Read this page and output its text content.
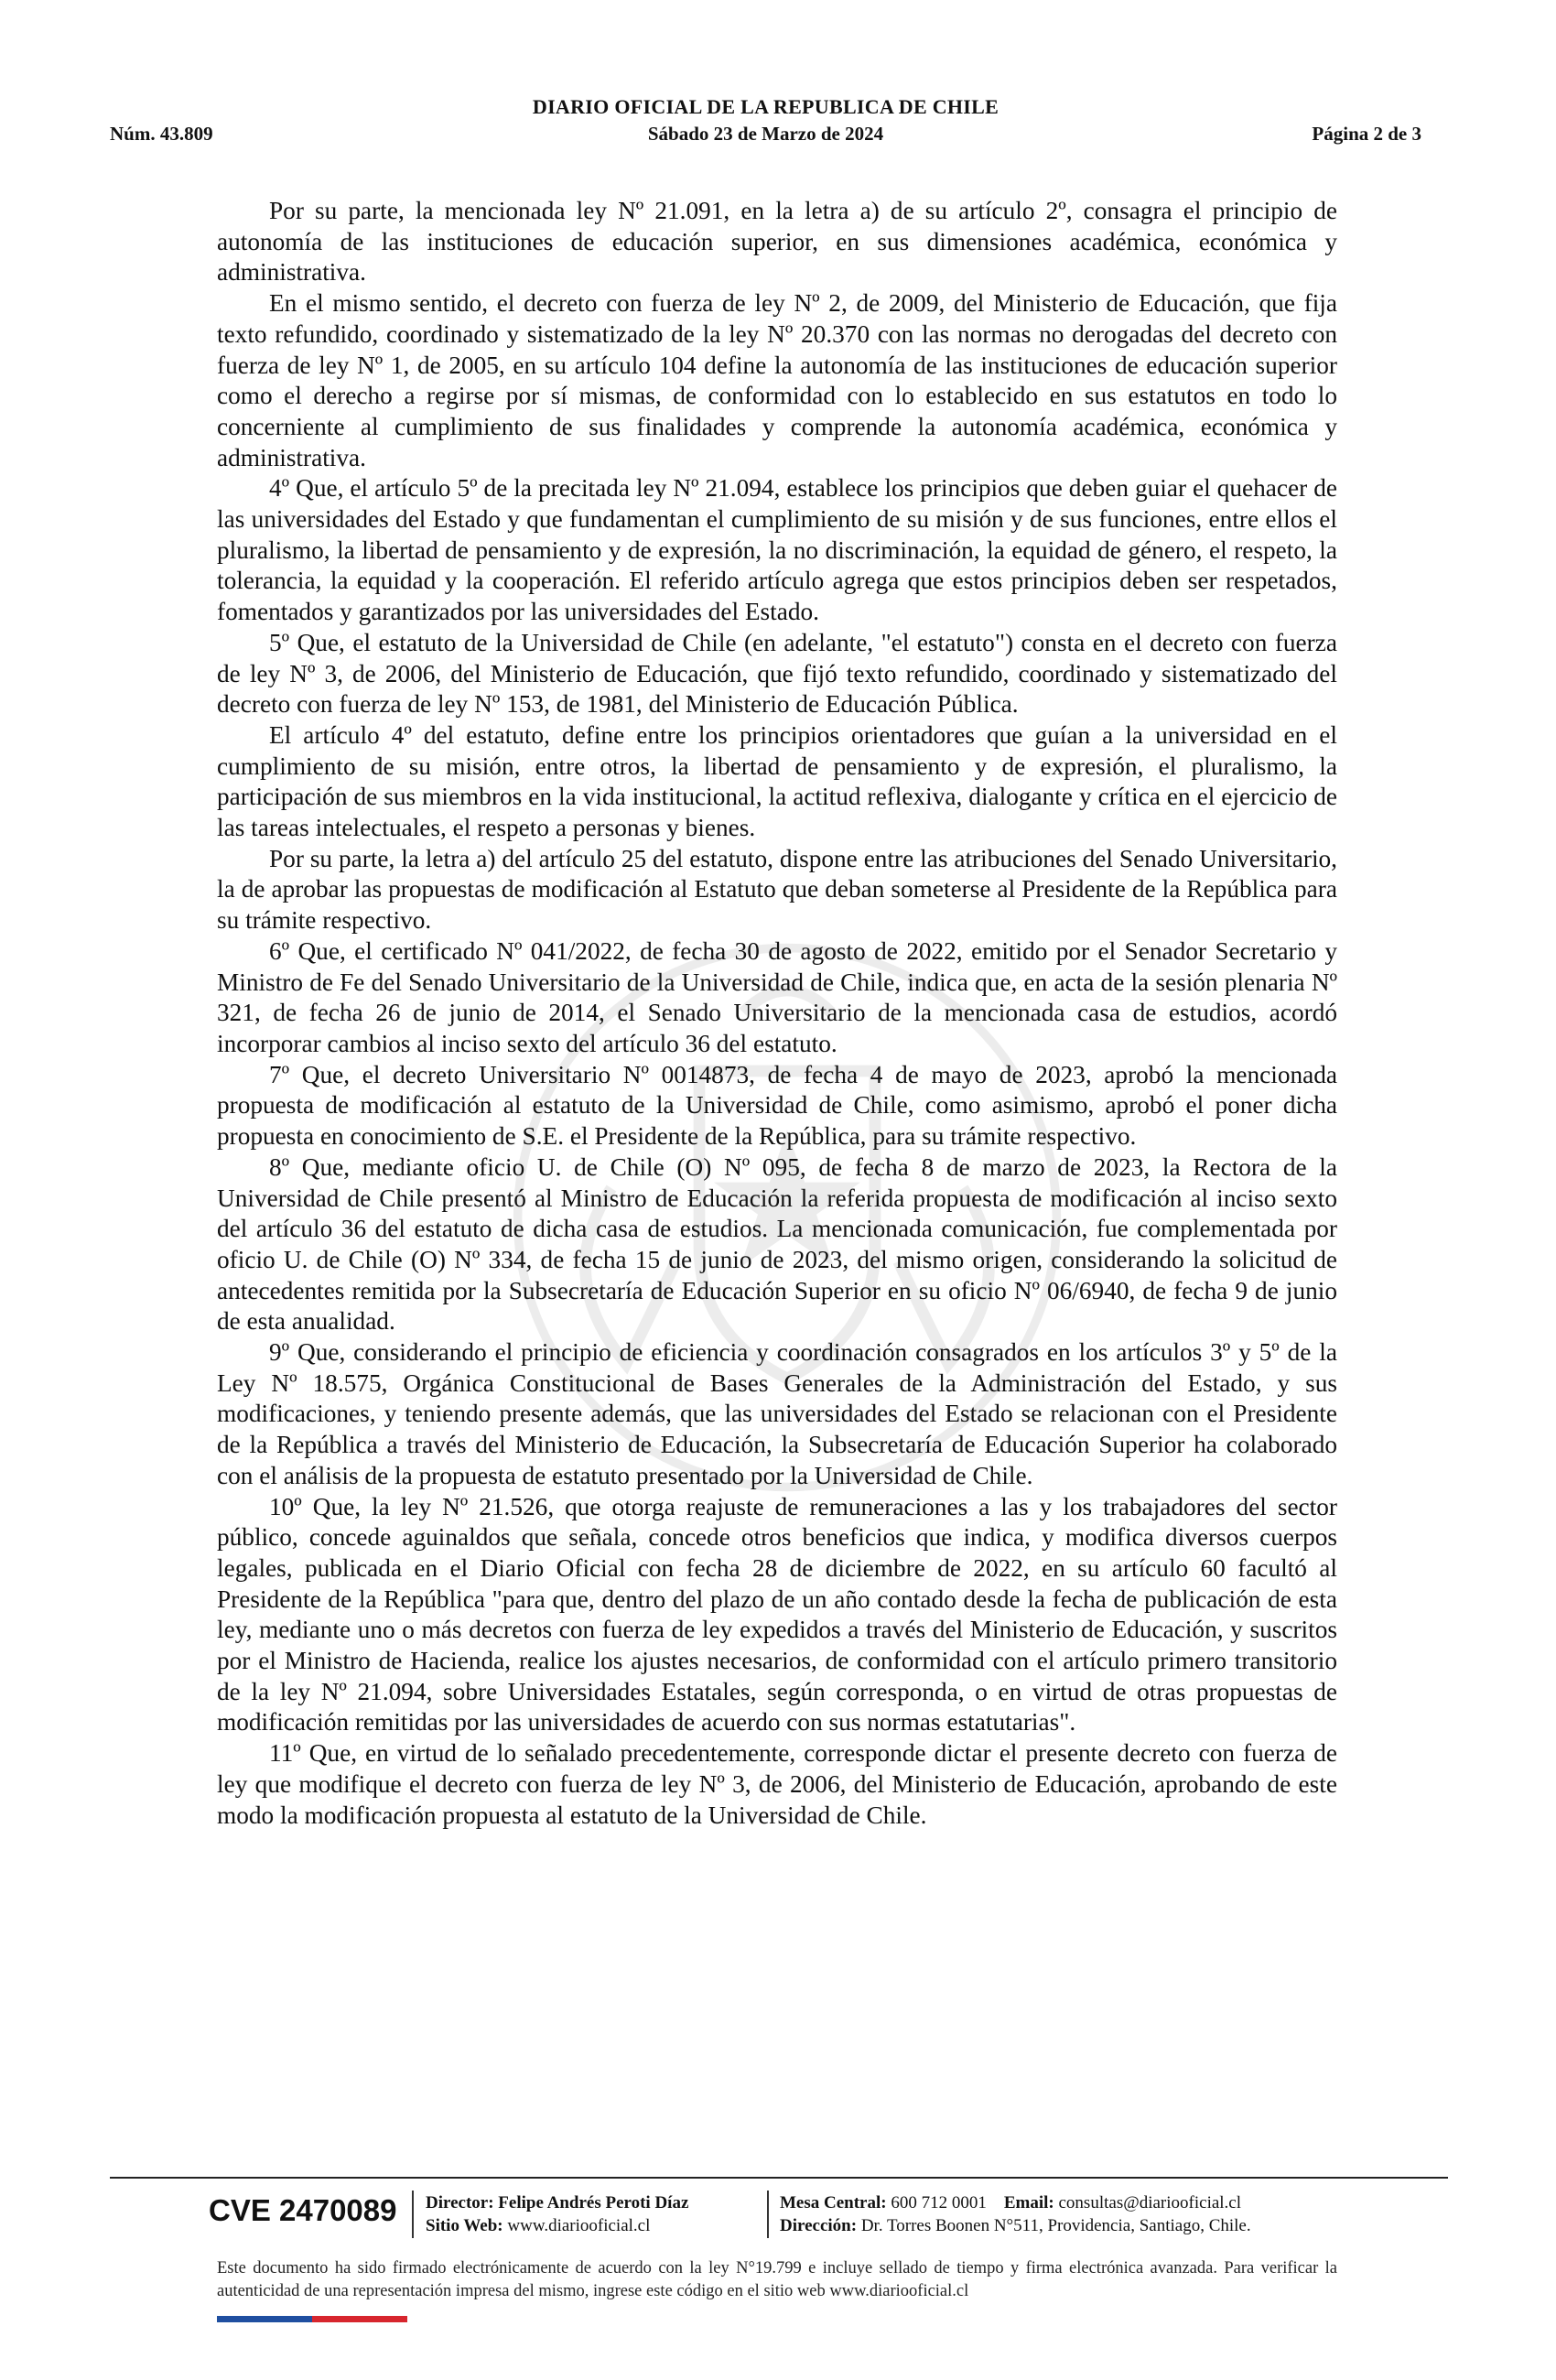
Núm. 43.809
DIARIO OFICIAL DE LA REPUBLICA DE CHILE
Sábado 23 de Marzo de 2024	Página 2 de 3

Por su parte, la mencionada ley Nº 21.091, en la letra a) de su artículo 2º, consagra el principio de autonomía de las instituciones de educación superior, en sus dimensiones académica, económica y administrativa.

En el mismo sentido, el decreto con fuerza de ley Nº 2, de 2009, del Ministerio de Educación, que fija texto refundido, coordinado y sistematizado de la ley Nº 20.370 con las normas no derogadas del decreto con fuerza de ley Nº 1, de 2005, en su artículo 104 define la autonomía de las instituciones de educación superior como el derecho a regirse por sí mismas, de conformidad con lo establecido en sus estatutos en todo lo concerniente al cumplimiento de sus finalidades y comprende la autonomía académica, económica y administrativa.

4º Que, el artículo 5º de la precitada ley Nº 21.094, establece los principios que deben guiar el quehacer de las universidades del Estado y que fundamentan el cumplimiento de su misión y de sus funciones, entre ellos el pluralismo, la libertad de pensamiento y de expresión, la no discriminación, la equidad de género, el respeto, la tolerancia, la equidad y la cooperación. El referido artículo agrega que estos principios deben ser respetados, fomentados y garantizados por las universidades del Estado.

5º Que, el estatuto de la Universidad de Chile (en adelante, "el estatuto") consta en el decreto con fuerza de ley Nº 3, de 2006, del Ministerio de Educación, que fijó texto refundido, coordinado y sistematizado del decreto con fuerza de ley Nº 153, de 1981, del Ministerio de Educación Pública.

El artículo 4º del estatuto, define entre los principios orientadores que guían a la universidad en el cumplimiento de su misión, entre otros, la libertad de pensamiento y de expresión, el pluralismo, la participación de sus miembros en la vida institucional, la actitud reflexiva, dialogante y crítica en el ejercicio de las tareas intelectuales, el respeto a personas y bienes.

Por su parte, la letra a) del artículo 25 del estatuto, dispone entre las atribuciones del Senado Universitario, la de aprobar las propuestas de modificación al Estatuto que deban someterse al Presidente de la República para su trámite respectivo.

6º Que, el certificado Nº 041/2022, de fecha 30 de agosto de 2022, emitido por el Senador Secretario y Ministro de Fe del Senado Universitario de la Universidad de Chile, indica que, en acta de la sesión plenaria Nº 321, de fecha 26 de junio de 2014, el Senado Universitario de la mencionada casa de estudios, acordó incorporar cambios al inciso sexto del artículo 36 del estatuto.

7º Que, el decreto Universitario Nº 0014873, de fecha 4 de mayo de 2023, aprobó la mencionada propuesta de modificación al estatuto de la Universidad de Chile, como asimismo, aprobó el poner dicha propuesta en conocimiento de S.E. el Presidente de la República, para su trámite respectivo.

8º Que, mediante oficio U. de Chile (O) Nº 095, de fecha 8 de marzo de 2023, la Rectora de la Universidad de Chile presentó al Ministro de Educación la referida propuesta de modificación al inciso sexto del artículo 36 del estatuto de dicha casa de estudios. La mencionada comunicación, fue complementada por oficio U. de Chile (O) Nº 334, de fecha 15 de junio de 2023, del mismo origen, considerando la solicitud de antecedentes remitida por la Subsecretaría de Educación Superior en su oficio Nº 06/6940, de fecha 9 de junio de esta anualidad.

9º Que, considerando el principio de eficiencia y coordinación consagrados en los artículos 3º y 5º de la Ley Nº 18.575, Orgánica Constitucional de Bases Generales de la Administración del Estado, y sus modificaciones, y teniendo presente además, que las universidades del Estado se relacionan con el Presidente de la República a través del Ministerio de Educación, la Subsecretaría de Educación Superior ha colaborado con el análisis de la propuesta de estatuto presentado por la Universidad de Chile.

10º Que, la ley Nº 21.526, que otorga reajuste de remuneraciones a las y los trabajadores del sector público, concede aguinaldos que señala, concede otros beneficios que indica, y modifica diversos cuerpos legales, publicada en el Diario Oficial con fecha 28 de diciembre de 2022, en su artículo 60 facultó al Presidente de la República "para que, dentro del plazo de un año contado desde la fecha de publicación de esta ley, mediante uno o más decretos con fuerza de ley expedidos a través del Ministerio de Educación, y suscritos por el Ministro de Hacienda, realice los ajustes necesarios, de conformidad con el artículo primero transitorio de la ley Nº 21.094, sobre Universidades Estatales, según corresponda, o en virtud de otras propuestas de modificación remitidas por las universidades de acuerdo con sus normas estatutarias".

11º Que, en virtud de lo señalado precedentemente, corresponde dictar el presente decreto con fuerza de ley que modifique el decreto con fuerza de ley Nº 3, de 2006, del Ministerio de Educación, aprobando de este modo la modificación propuesta al estatuto de la Universidad de Chile.

CVE 2470089 Director: Felipe Andrés Peroti Díaz
Sitio Web: www.diariooficial.cl
Mesa Central: 600 712 0001 Email: consultas@diariooficial.cl
Dirección: Dr. Torres Boonen N°511, Providencia, Santiago, Chile.
Este documento ha sido firmado electrónicamente de acuerdo con la ley N°19.799 e incluye sellado de tiempo y firma electrónica avanzada. Para verificar la autenticidad de una representación impresa del mismo, ingrese este código en el sitio web www.diariooficial.cl
